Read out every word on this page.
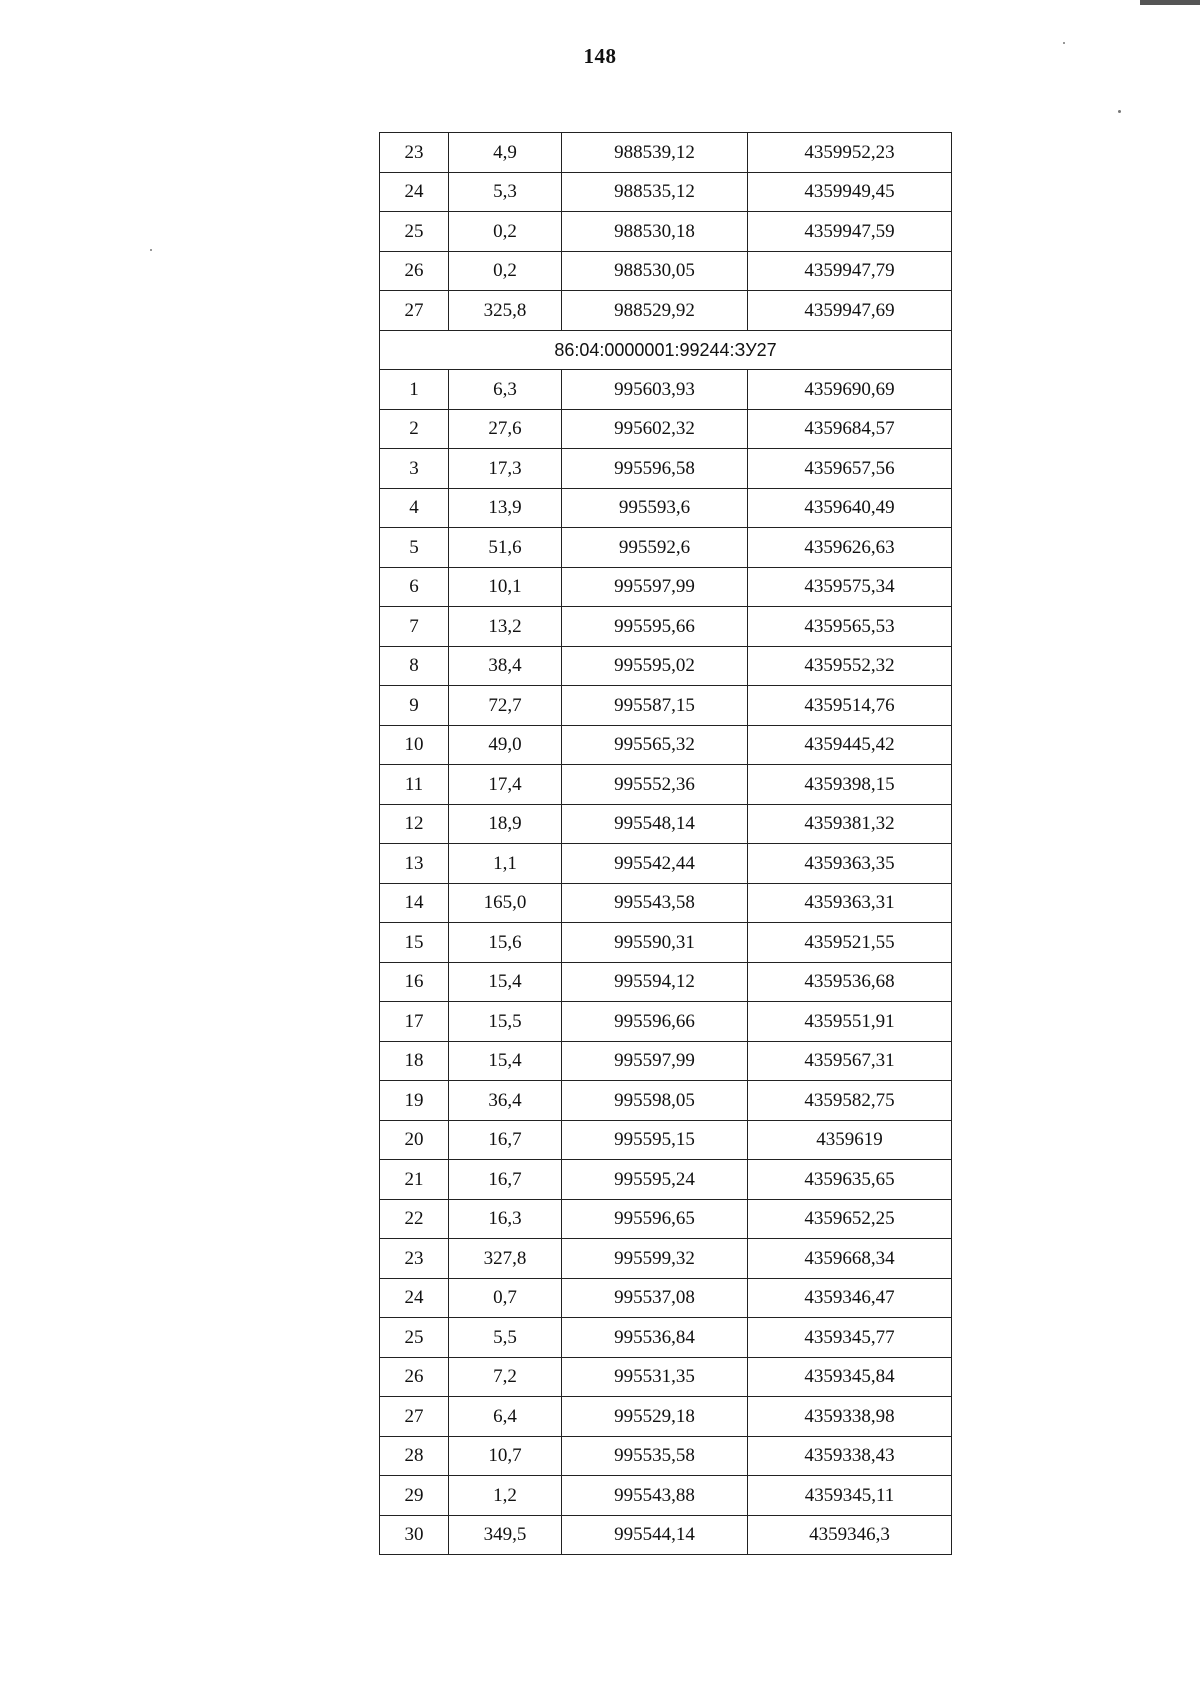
148
23	4,9	988539,12	4359952,23
24	5,3	988535,12	4359949,45
25	0,2	988530,18	4359947,59
26	0,2	988530,05	4359947,79
27	325,8	988529,92	4359947,69
86:04:0000001:99244:ЗУ27			
1	6,3	995603,93	4359690,69
2	27,6	995602,32	4359684,57
3	17,3	995596,58	4359657,56
4	13,9	995593,6	4359640,49
5	51,6	995592,6	4359626,63
6	10,1	995597,99	4359575,34
7	13,2	995595,66	4359565,53
8	38,4	995595,02	4359552,32
9	72,7	995587,15	4359514,76
10	49,0	995565,32	4359445,42
11	17,4	995552,36	4359398,15
12	18,9	995548,14	4359381,32
13	1,1	995542,44	4359363,35
14	165,0	995543,58	4359363,31
15	15,6	995590,31	4359521,55
16	15,4	995594,12	4359536,68
17	15,5	995596,66	4359551,91
18	15,4	995597,99	4359567,31
19	36,4	995598,05	4359582,75
20	16,7	995595,15	4359619
21	16,7	995595,24	4359635,65
22	16,3	995596,65	4359652,25
23	327,8	995599,32	4359668,34
24	0,7	995537,08	4359346,47
25	5,5	995536,84	4359345,77
26	7,2	995531,35	4359345,84
27	6,4	995529,18	4359338,98
28	10,7	995535,58	4359338,43
29	1,2	995543,88	4359345,11
30	349,5	995544,14	4359346,3
